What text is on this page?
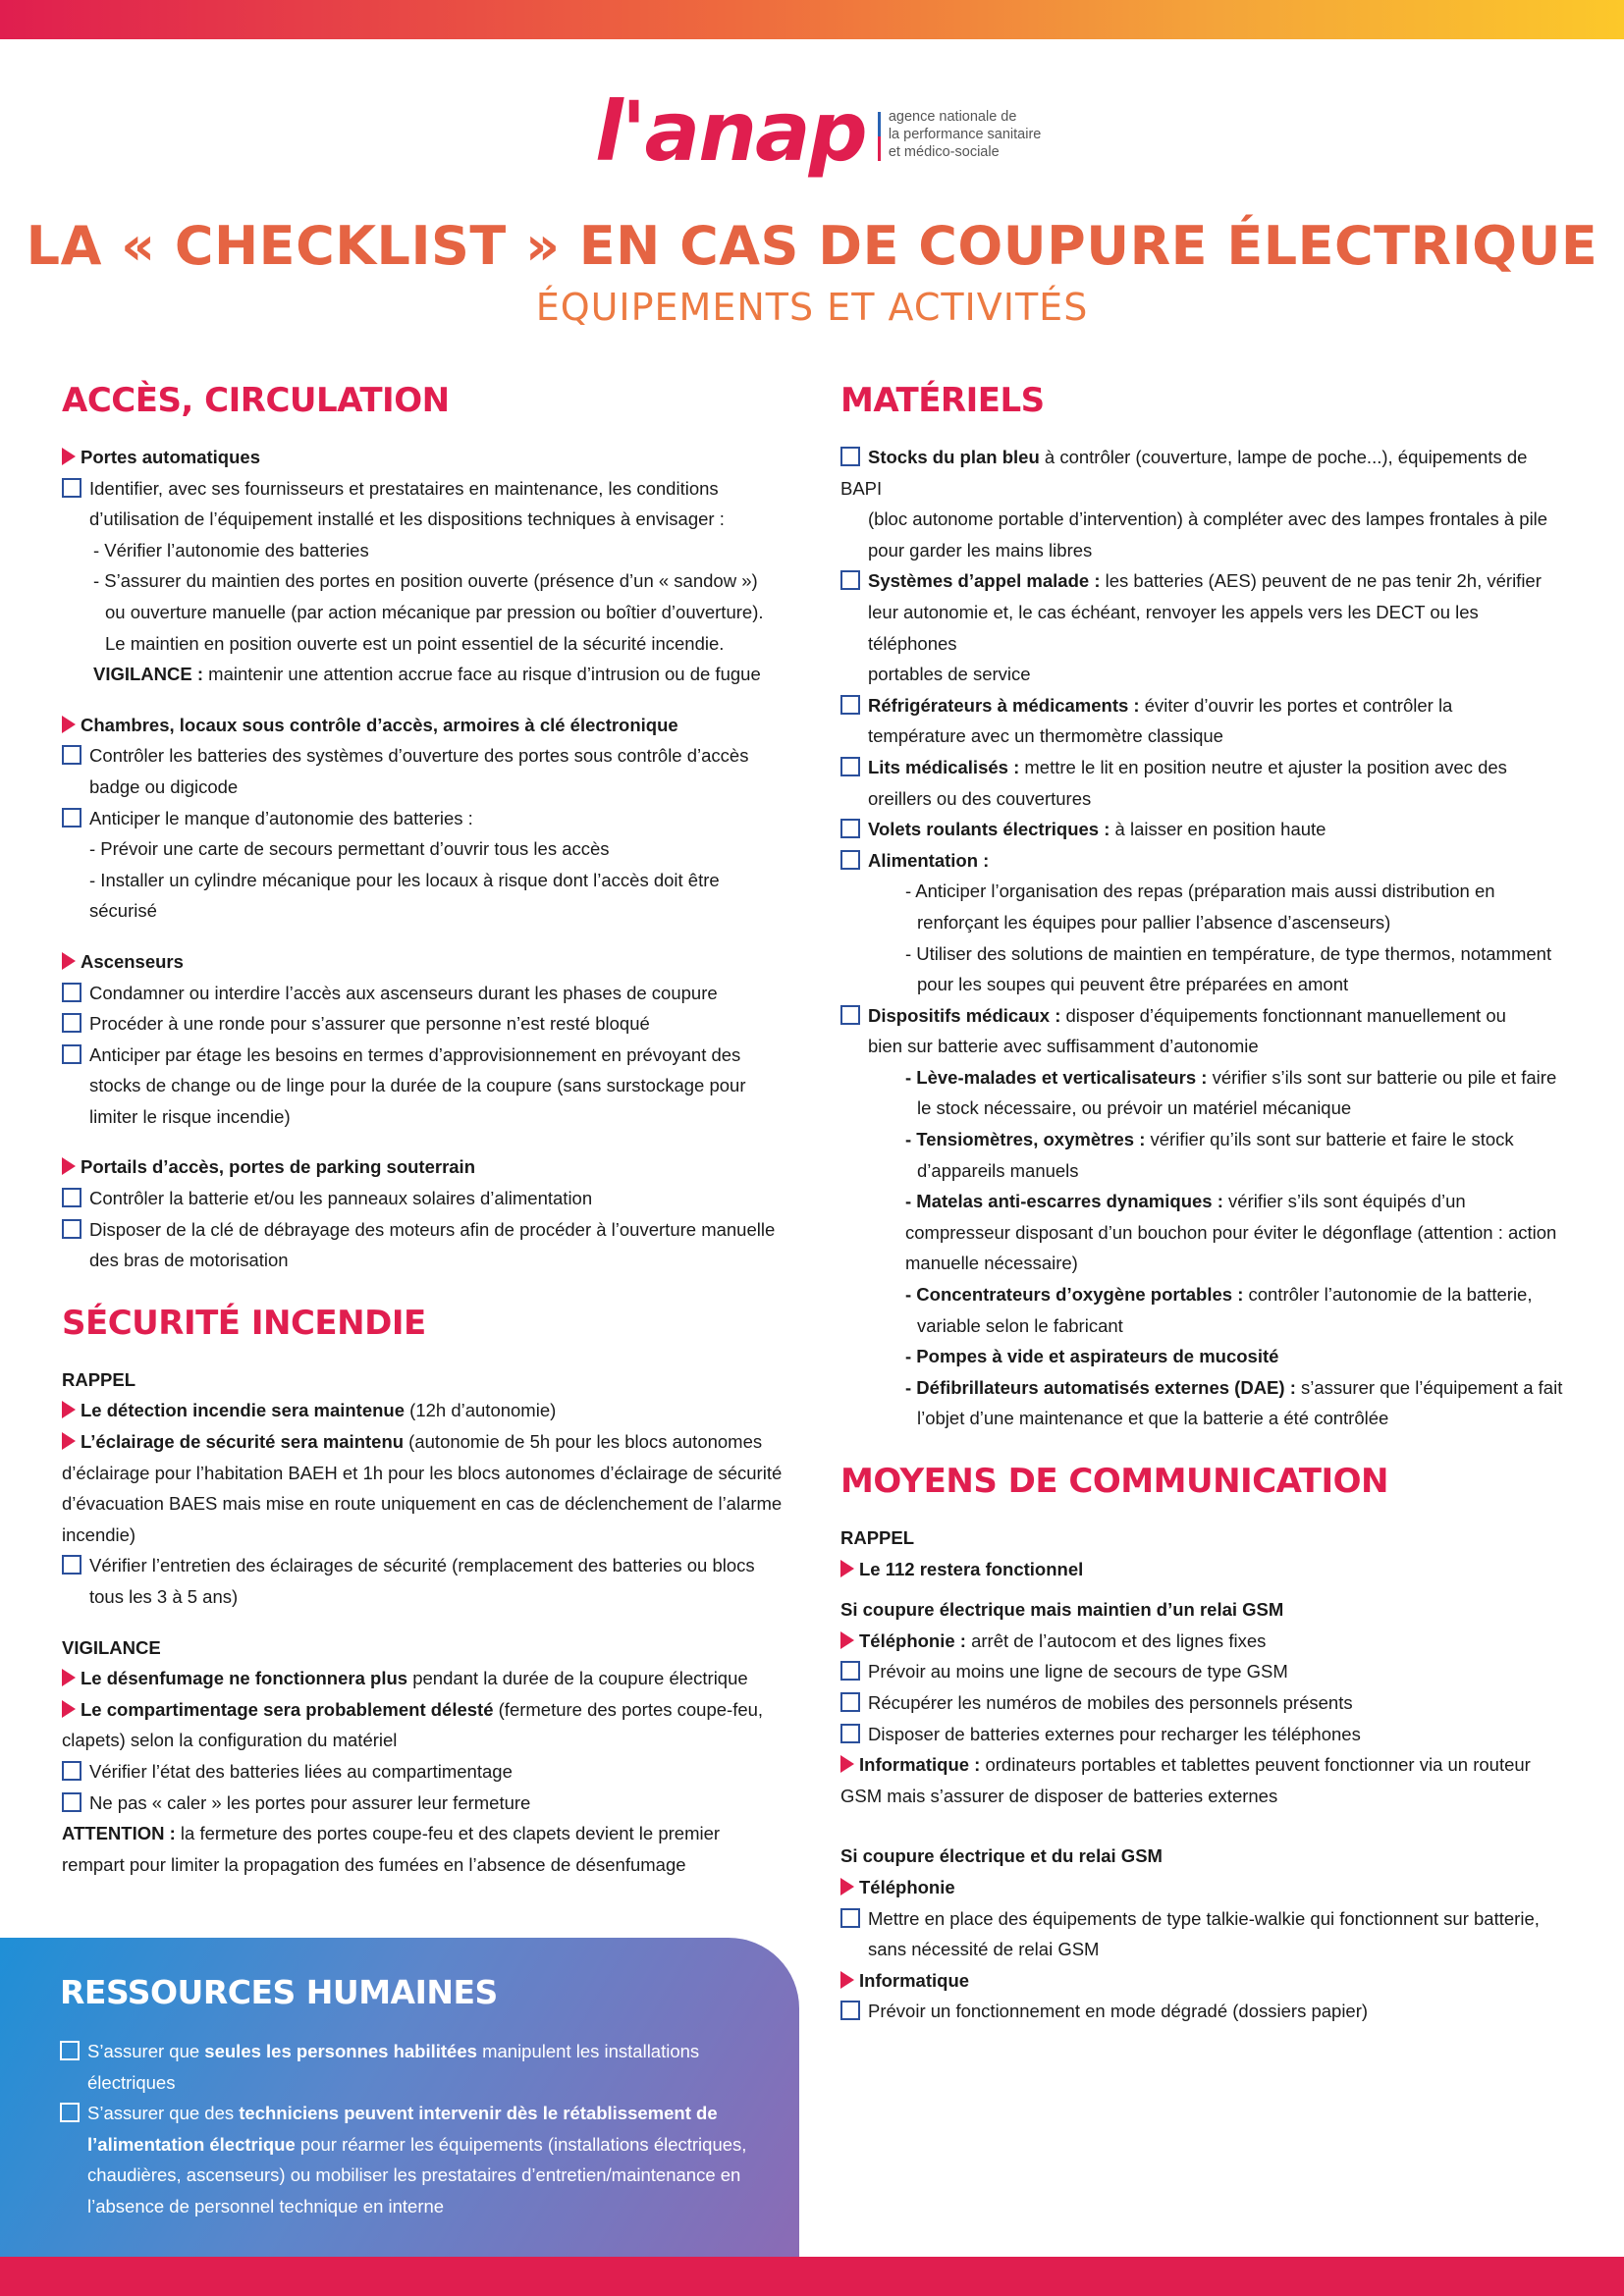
l'anap agence nationale de
la performance sanitaire
et médico-sociale
LA « CHECKLIST » EN CAS DE COUPURE ÉLECTRIQUE
ÉQUIPEMENTS ET ACTIVITÉS
ACCÈS, CIRCULATION
Portes automatiques
Identifier, avec ses fournisseurs et prestataires en maintenance, les conditions
d’utilisation de l’équipement installé et les dispositions techniques à envisager :
- Vérifier l’autonomie des batteries
- S’assurer du maintien des portes en position ouverte (présence d’un « sandow »)
ou ouverture manuelle (par action mécanique par pression ou boîtier d’ouverture).
Le maintien en position ouverte est un point essentiel de la sécurité incendie.
VIGILANCE : maintenir une attention accrue face au risque d’intrusion ou de fugue
Chambres, locaux sous contrôle d’accès, armoires à clé électronique
Contrôler les batteries des systèmes d’ouverture des portes sous contrôle d’accès
badge ou digicode
Anticiper le manque d’autonomie des batteries :
- Prévoir une carte de secours permettant d’ouvrir tous les accès
- Installer un cylindre mécanique pour les locaux à risque dont l’accès doit être
sécurisé
Ascenseurs
Condamner ou interdire l’accès aux ascenseurs durant les phases de coupure
Procéder à une ronde pour s’assurer que personne n’est resté bloqué
Anticiper par étage les besoins en termes d’approvisionnement en prévoyant des
stocks de change ou de linge pour la durée de la coupure (sans surstockage pour
limiter le risque incendie)
Portails d’accès, portes de parking souterrain
Contrôler la batterie et/ou les panneaux solaires d’alimentation
Disposer de la clé de débrayage des moteurs afin de procéder à l’ouverture manuelle
des bras de motorisation
SÉCURITÉ INCENDIE
RAPPEL
Le détection incendie sera maintenue (12h d’autonomie)
L’éclairage de sécurité sera maintenu (autonomie de 5h pour les blocs autonomes
d’éclairage pour l’habitation BAEH et 1h pour les blocs autonomes d’éclairage de sécurité
d’évacuation BAES mais mise en route uniquement en cas de déclenchement de l’alarme
incendie)
Vérifier l’entretien des éclairages de sécurité (remplacement des batteries ou blocs
tous les 3 à 5 ans)
VIGILANCE
Le désenfumage ne fonctionnera plus pendant la durée de la coupure électrique
Le compartimentage sera probablement délesté (fermeture des portes coupe-feu,
clapets) selon la configuration du matériel
Vérifier l’état des batteries liées au compartimentage
Ne pas « caler » les portes pour assurer leur fermeture
ATTENTION : la fermeture des portes coupe-feu et des clapets devient le premier
rempart pour limiter la propagation des fumées en l’absence de désenfumage
RESSOURCES HUMAINES
S’assurer que seules les personnes habilitées manipulent les installations
électriques
S’assurer que des techniciens peuvent intervenir dès le rétablissement de
l’alimentation électrique pour réarmer les équipements (installations électriques,
chaudières, ascenseurs) ou mobiliser les prestataires d’entretien/maintenance en
l’absence de personnel technique en interne
MATÉRIELS
Stocks du plan bleu à contrôler (couverture, lampe de poche...), équipements de BAPI
(bloc autonome portable d’intervention) à compléter avec des lampes frontales à pile
pour garder les mains libres
Systèmes d’appel malade : les batteries (AES) peuvent de ne pas tenir 2h, vérifier
leur autonomie et, le cas échéant, renvoyer les appels vers les DECT ou les téléphones
portables de service
Réfrigérateurs à médicaments : éviter d’ouvrir les portes et contrôler la
température avec un thermomètre classique
Lits médicalisés : mettre le lit en position neutre et ajuster la position avec des
oreillers ou des couvertures
Volets roulants électriques : à laisser en position haute
Alimentation :
- Anticiper l’organisation des repas (préparation mais aussi distribution en
renforçant les équipes pour pallier l’absence d’ascenseurs)
- Utiliser des solutions de maintien en température, de type thermos, notamment
pour les soupes qui peuvent être préparées en amont
Dispositifs médicaux : disposer d’équipements fonctionnant manuellement ou
bien sur batterie avec suffisamment d’autonomie
- Lève-malades et verticalisateurs : vérifier s’ils sont sur batterie ou pile et faire
le stock nécessaire, ou prévoir un matériel mécanique
- Tensiomètres, oxymètres : vérifier qu’ils sont sur batterie et faire le stock
d’appareils manuels
- Matelas anti-escarres dynamiques : vérifier s’ils sont équipés d’un
compresseur disposant d’un bouchon pour éviter le dégonflage (attention : action
manuelle nécessaire)
- Concentrateurs d’oxygène portables : contrôler l’autonomie de la batterie,
variable selon le fabricant
- Pompes à vide et aspirateurs de mucosité
- Défibrillateurs automatisés externes (DAE) : s’assurer que l’équipement a fait
l’objet d’une maintenance et que la batterie a été contrôlée
MOYENS DE COMMUNICATION
RAPPEL
Le 112 restera fonctionnel
Si coupure électrique mais maintien d’un relai GSM
Téléphonie : arrêt de l’autocom et des lignes fixes
Prévoir au moins une ligne de secours de type GSM
Récupérer les numéros de mobiles des personnels présents
Disposer de batteries externes pour recharger les téléphones
Informatique : ordinateurs portables et tablettes peuvent fonctionner via un routeur
GSM mais s’assurer de disposer de batteries externes
Si coupure électrique et du relai GSM
Téléphonie
Mettre en place des équipements de type talkie-walkie qui fonctionnent sur batterie,
sans nécessité de relai GSM
Informatique
Prévoir un fonctionnement en mode dégradé (dossiers papier)
